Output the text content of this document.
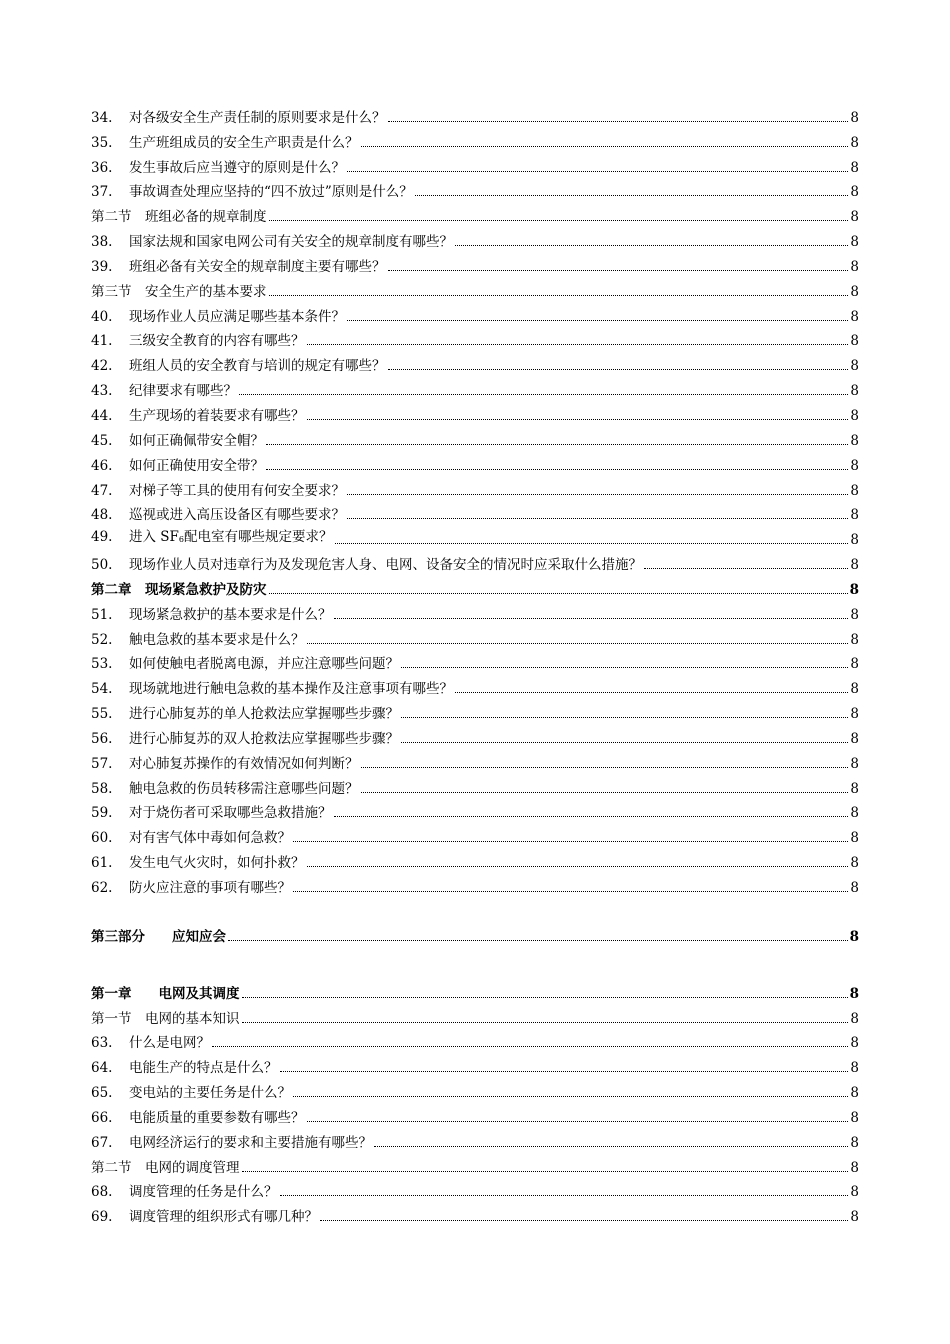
34.	对各级安全生产责任制的原则要求是什么？	8
35.	生产班组成员的安全生产职责是什么？	8
36.	发生事故后应当遵守的原则是什么？	8
37.	事故调查处理应坚持的“四不放过”原则是什么？	8
第二节　班组必备的规章制度	8
38.	国家法规和国家电网公司有关安全的规章制度有哪些？	8
39.	班组必备有关安全的规章制度主要有哪些？	8
第三节　安全生产的基本要求	8
40.	现场作业人员应满足哪些基本条件？	8
41.	三级安全教育的内容有哪些？	8
42.	班组人员的安全教育与培训的规定有哪些？	8
43.	纪律要求有哪些？	8
44.	生产现场的着装要求有哪些？	8
45.	如何正确佩带安全帽？	8
46.	如何正确使用安全带？	8
47.	对梯子等工具的使用有何安全要求？	8
48.	巡视或进入高压设备区有哪些要求？	8
49.	进入 $SF_6$配电室有哪些规定要求？	8
50.	现场作业人员对违章行为及发现危害人身、电网、设备安全的情况时应采取什么措施？	8
第二章　现场紧急救护及防灾	8
51.	现场紧急救护的基本要求是什么？	8
52.	触电急救的基本要求是什么？	8
53.	如何使触电者脱离电源，并应注意哪些问题？	8
54.	现场就地进行触电急救的基本操作及注意事项有哪些？	8
55.	进行心肺复苏的单人抢救法应掌握哪些步骤？	8
56.	进行心肺复苏的双人抢救法应掌握哪些步骤？	8
57.	对心肺复苏操作的有效情况如何判断？	8
58.	触电急救的伤员转移需注意哪些问题？	8
59.	对于烧伤者可采取哪些急救措施？	8
60.	对有害气体中毒如何急救？	8
61.	发生电气火灾时，如何扑救？	8
62.	防火应注意的事项有哪些？	8
第三部分　　应知应会	8
第一章　　电网及其调度	8
第一节　电网的基本知识	8
63.	什么是电网？	8
64.	电能生产的特点是什么？	8
65.	变电站的主要任务是什么？	8
66.	电能质量的重要参数有哪些？	8
67.	电网经济运行的要求和主要措施有哪些？	8
第二节　电网的调度管理	8
68.	调度管理的任务是什么？	8
69.	调度管理的组织形式有哪几种？	8
